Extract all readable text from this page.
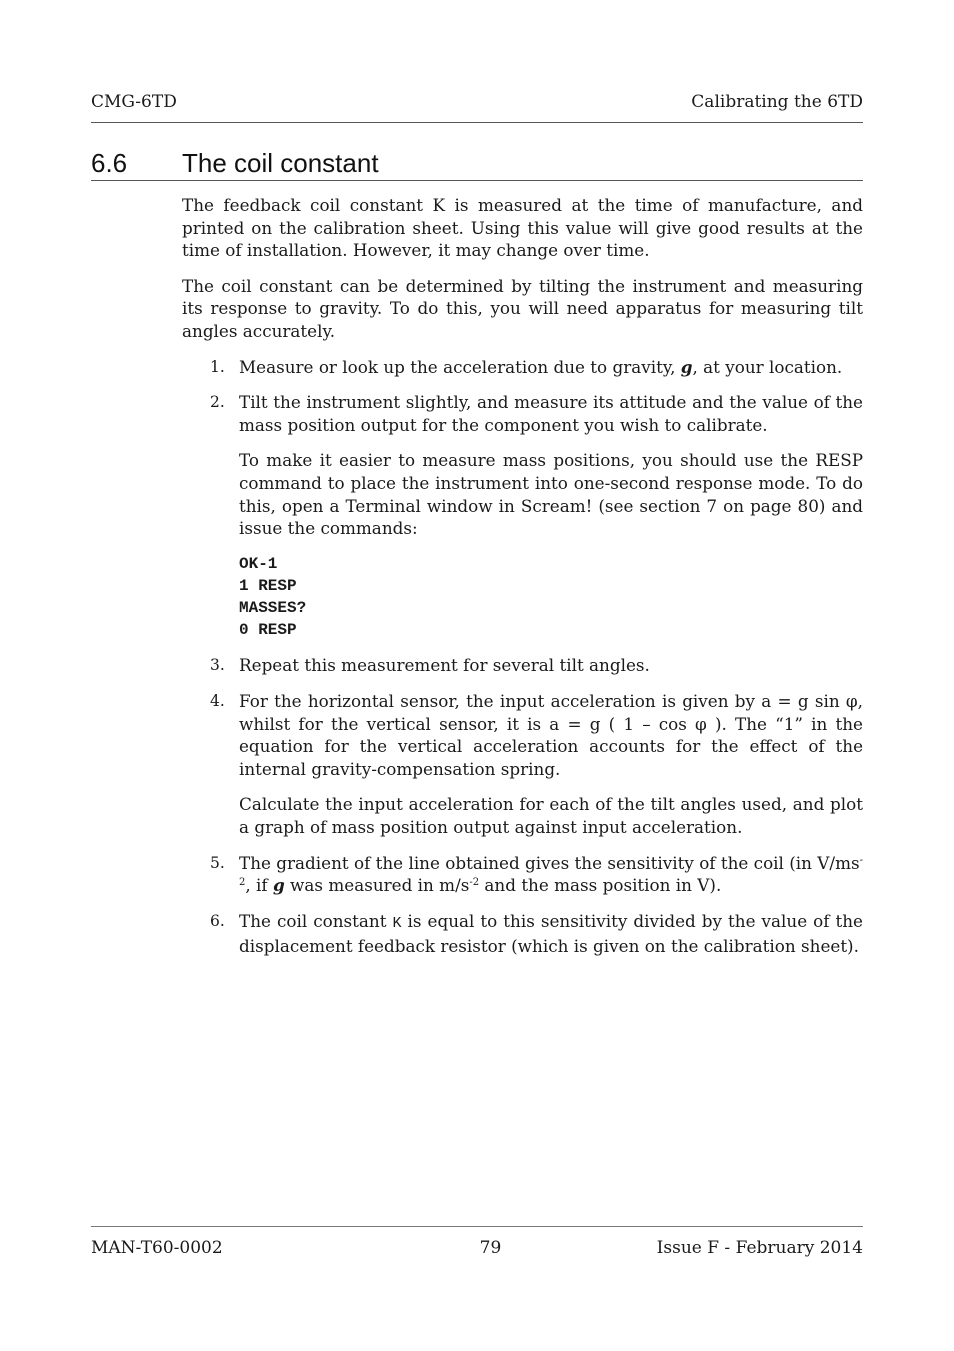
CMG-6TD	Calibrating the 6TD
6.6 The coil constant

The feedback coil constant K is measured at the time of manufacture, and printed on the calibration sheet. Using this value will give good results at the time of installation. However, it may change over time.

The coil constant can be determined by tilting the instrument and measuring its response to gravity. To do this, you will need apparatus for measuring tilt angles accurately.

1. Measure or look up the acceleration due to gravity, g, at your location.

2. Tilt the instrument slightly, and measure its attitude and the value of the mass position output for the component you wish to calibrate.

To make it easier to measure mass positions, you should use the RESP command to place the instrument into one-second response mode. To do this, open a Terminal window in Scream! (see section 7 on page 80) and issue the commands:

OK-1
1 RESP
MASSES?
0 RESP
3. Repeat this measurement for several tilt angles.

4. For the horizontal sensor, the input acceleration is given by a = g sin φ, whilst for the vertical sensor, it is a = g ( 1 – cos φ ). The “1” in the equation for the vertical acceleration accounts for the effect of the internal gravity-compensation spring.

Calculate the input acceleration for each of the tilt angles used, and plot a graph of mass position output against input acceleration.

5. The gradient of the line obtained gives the sensitivity of the coil (in $V/ms^{-2}$, if g was measured in $m/s^{-2}$ and the mass position in V).

6. The coil constant K is equal to this sensitivity divided by the value of the displacement feedback resistor (which is given on the calibration sheet).

MAN-T60-0002	79	Issue F - February 2014
